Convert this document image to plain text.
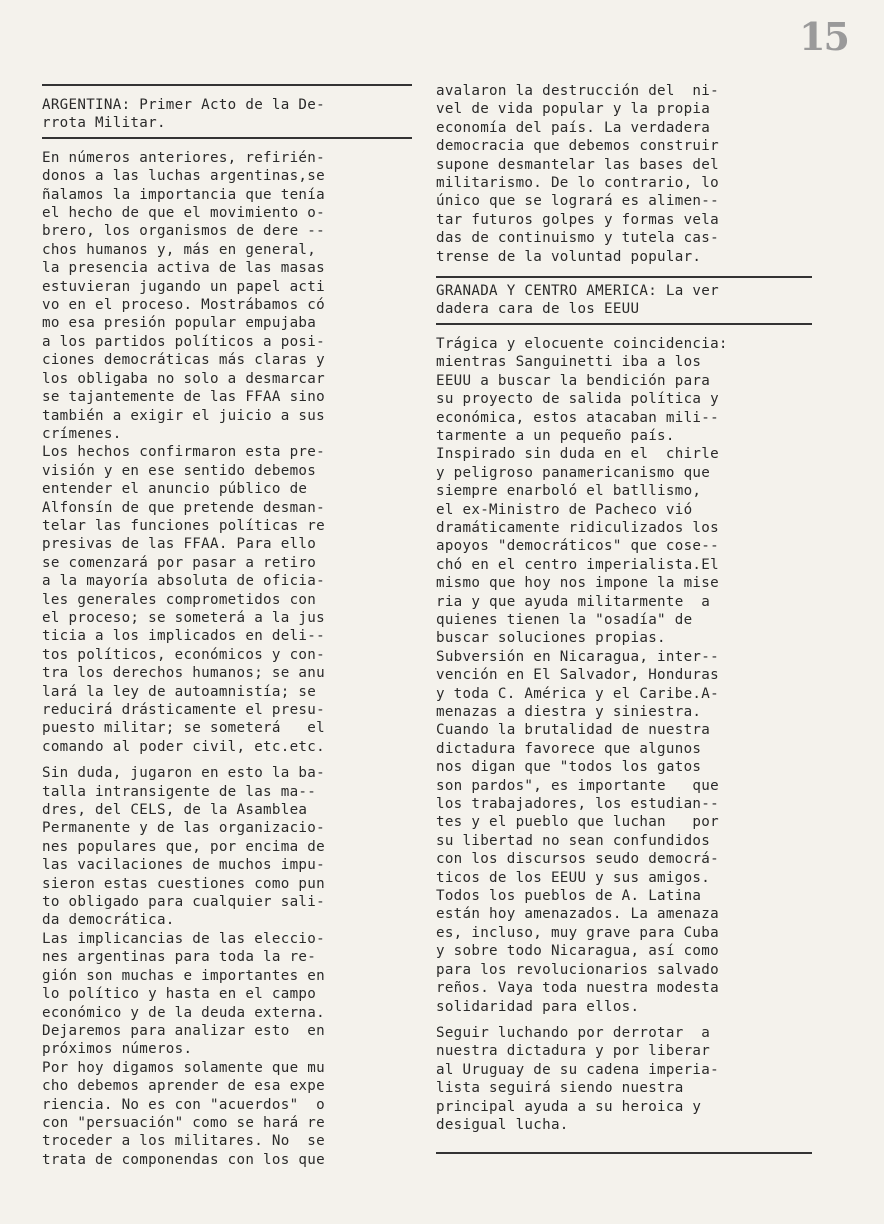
15
ARGENTINA: Primer Acto de la De-
rrota Militar.
En números anteriores, refirién-
donos a las luchas argentinas,se
ñalamos la importancia que tenía
el hecho de que el movimiento o-
brero, los organismos de dere --
chos humanos y, más en general,
la presencia activa de las masas
estuvieran jugando un papel acti
vo en el proceso. Mostrábamos có
mo esa presión popular empujaba
a los partidos políticos a posi-
ciones democráticas más claras y
los obligaba no solo a desmarcar
se tajantemente de las FFAA sino
también a exigir el juicio a sus
crímenes.
Los hechos confirmaron esta pre-
visión y en ese sentido debemos
entender el anuncio público de
Alfonsín de que pretende desman-
telar las funciones políticas re
presivas de las FFAA. Para ello
se comenzará por pasar a retiro
a la mayoría absoluta de oficia-
les generales comprometidos con
el proceso; se someterá a la jus
ticia a los implicados en deli--
tos políticos, económicos y con-
tra los derechos humanos; se anu
lará la ley de autoamnistía; se
reducirá drásticamente el presu-
puesto militar; se someterá   el
comando al poder civil, etc.etc.
Sin duda, jugaron en esto la ba-
talla intransigente de las ma--
dres, del CELS, de la Asamblea
Permanente y de las organizacio-
nes populares que, por encima de
las vacilaciones de muchos impu-
sieron estas cuestiones como pun
to obligado para cualquier sali-
da democrática.
Las implicancias de las eleccio-
nes argentinas para toda la re-
gión son muchas e importantes en
lo político y hasta en el campo
económico y de la deuda externa.
Dejaremos para analizar esto  en
próximos números.
Por hoy digamos solamente que mu
cho debemos aprender de esa expe
riencia. No es con "acuerdos"  o
con "persuación" como se hará re
troceder a los militares. No  se
trata de componendas con los que
avalaron la destrucción del  ni-
vel de vida popular y la propia
economía del país. La verdadera
democracia que debemos construir
supone desmantelar las bases del
militarismo. De lo contrario, lo
único que se logrará es alimen--
tar futuros golpes y formas vela
das de continuismo y tutela cas-
trense de la voluntad popular.
GRANADA Y CENTRO AMERICA: La ver
dadera cara de los EEUU
Trágica y elocuente coincidencia:
mientras Sanguinetti iba a los
EEUU a buscar la bendición para
su proyecto de salida política y
económica, estos atacaban mili--
tarmente a un pequeño país.
Inspirado sin duda en el  chirle
y peligroso panamericanismo que
siempre enarboló el batllismo,
el ex-Ministro de Pacheco vió
dramáticamente ridiculizados los
apoyos "democráticos" que cose--
chó en el centro imperialista.El
mismo que hoy nos impone la mise
ria y que ayuda militarmente  a
quienes tienen la "osadía" de
buscar soluciones propias.
Subversión en Nicaragua, inter--
vención en El Salvador, Honduras
y toda C. América y el Caribe.A-
menazas a diestra y siniestra.
Cuando la brutalidad de nuestra
dictadura favorece que algunos
nos digan que "todos los gatos
son pardos", es importante   que
los trabajadores, los estudian--
tes y el pueblo que luchan   por
su libertad no sean confundidos
con los discursos seudo democrá-
ticos de los EEUU y sus amigos.
Todos los pueblos de A. Latina
están hoy amenazados. La amenaza
es, incluso, muy grave para Cuba
y sobre todo Nicaragua, así como
para los revolucionarios salvado
reños. Vaya toda nuestra modesta
solidaridad para ellos.
Seguir luchando por derrotar  a
nuestra dictadura y por liberar
al Uruguay de su cadena imperia-
lista seguirá siendo nuestra
principal ayuda a su heroica y
desigual lucha.
